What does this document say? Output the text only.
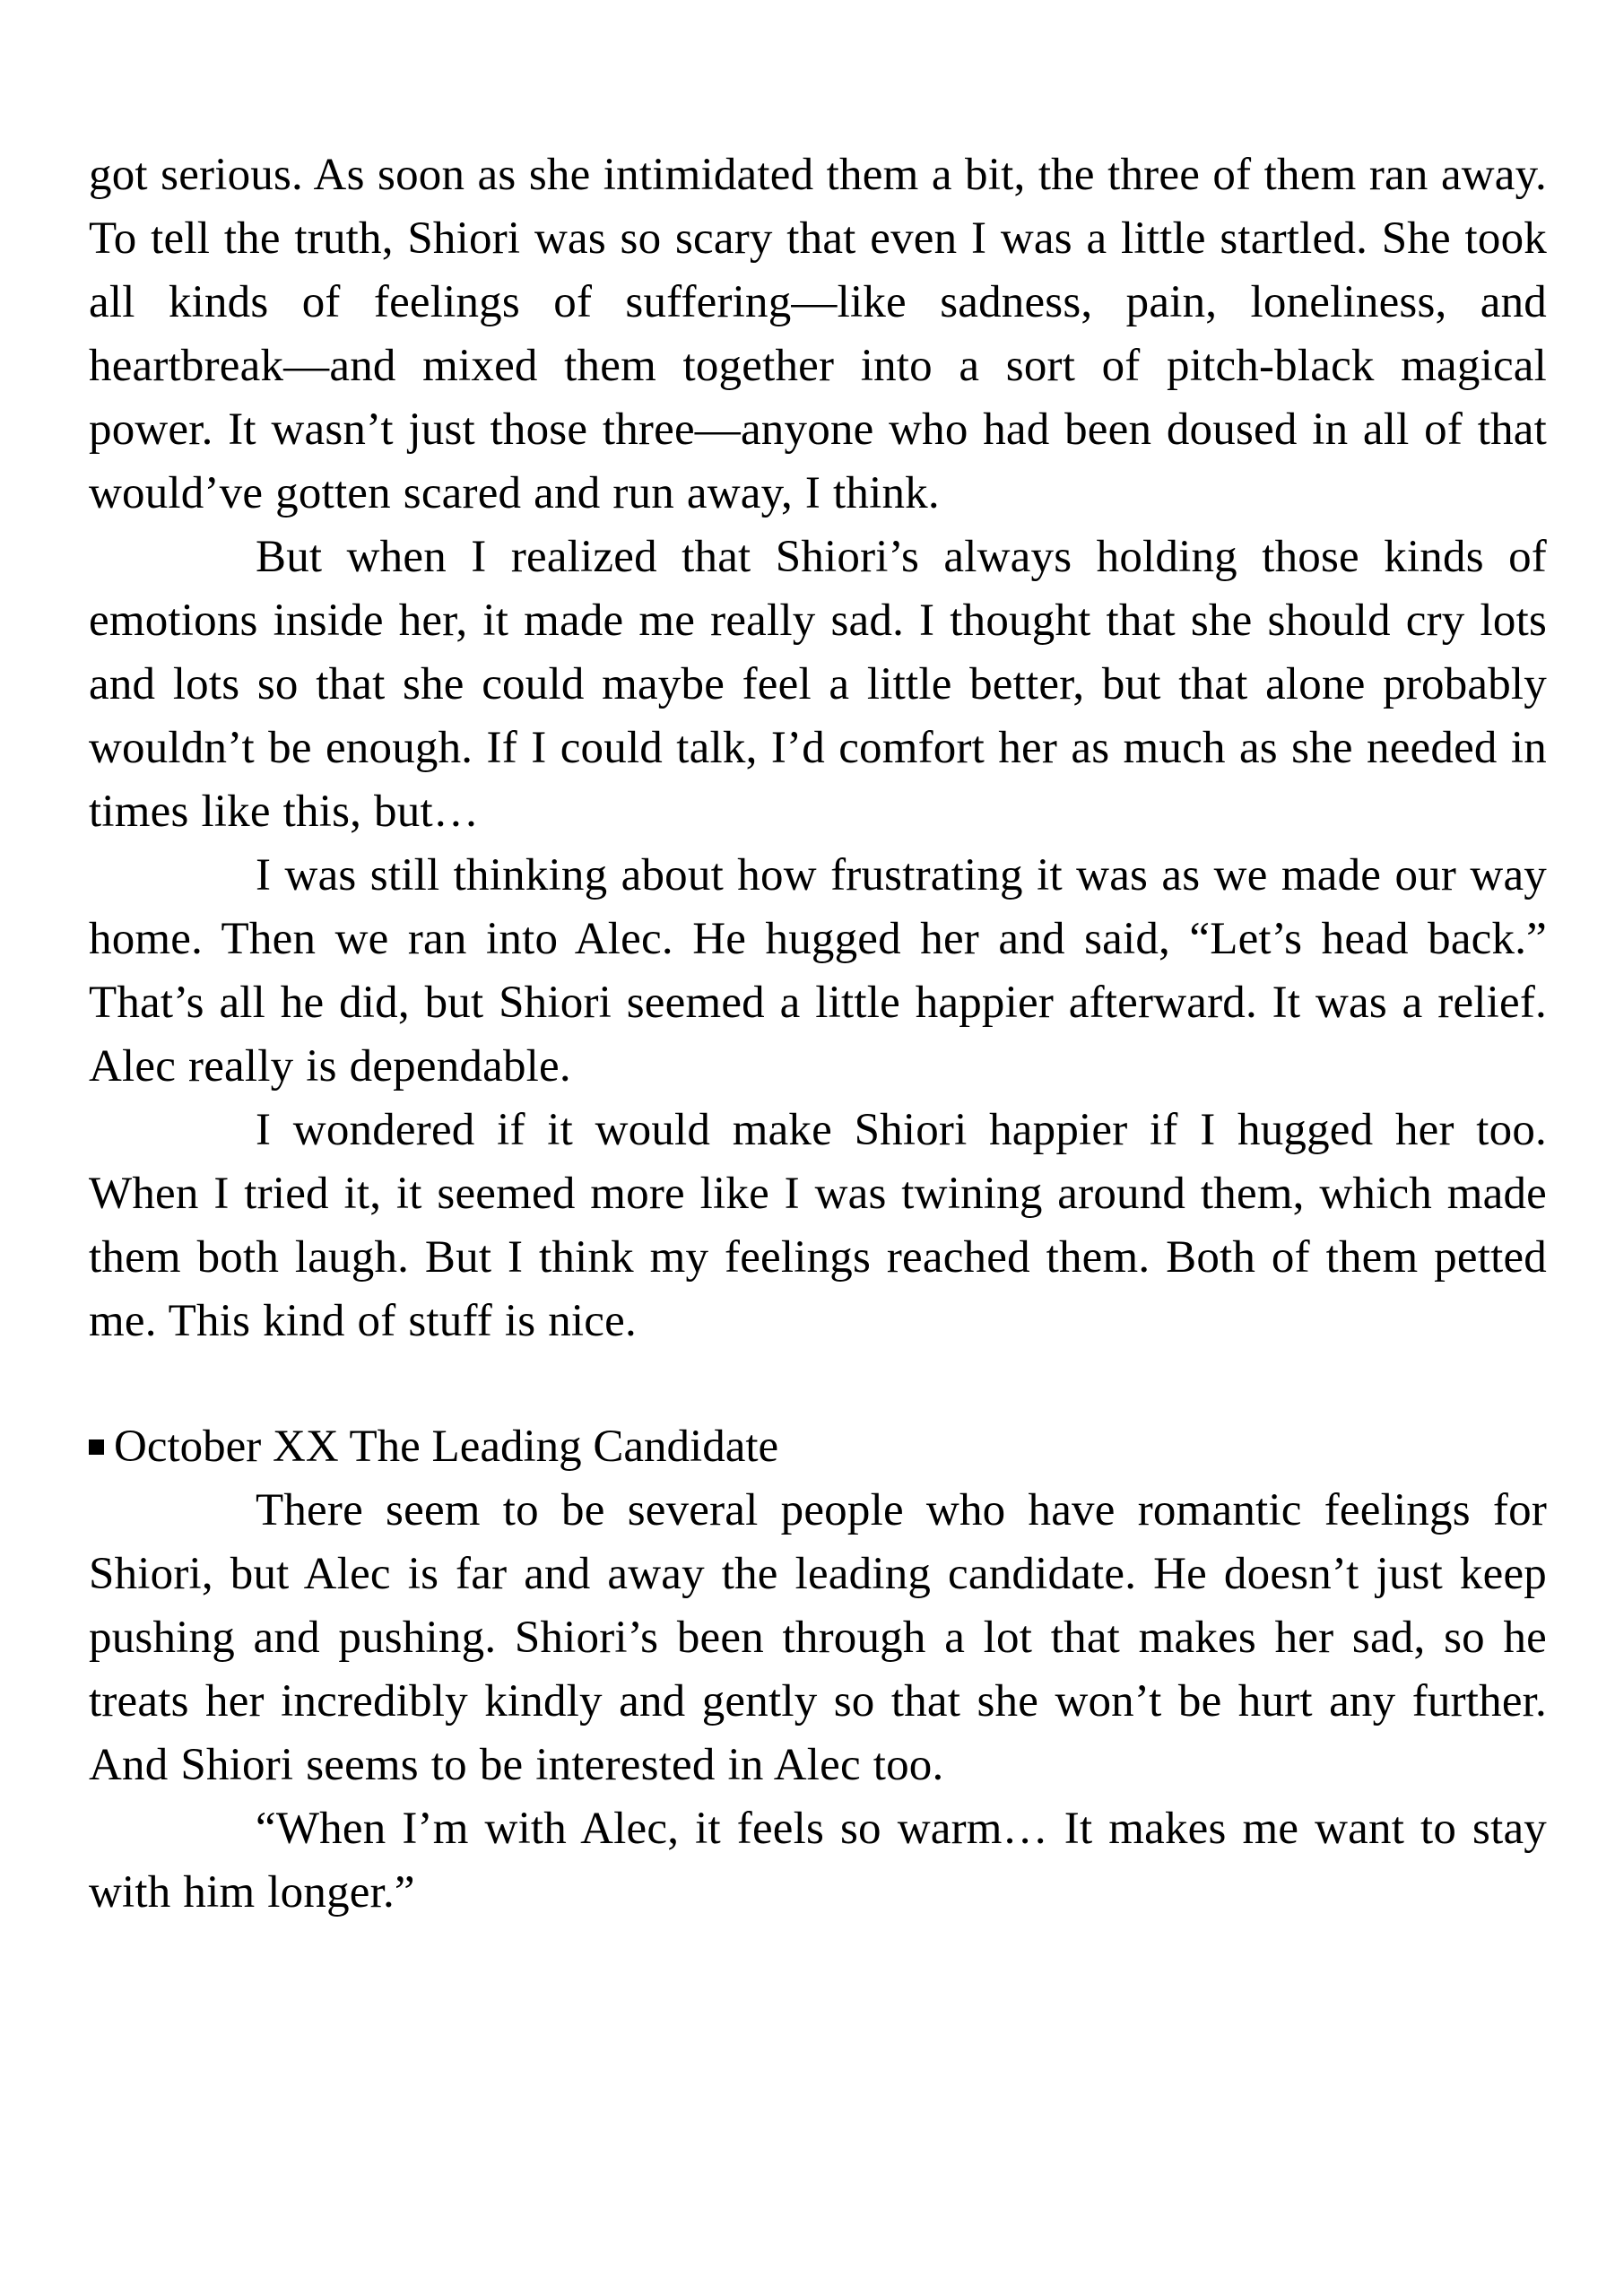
got serious. As soon as she intimidated them a bit, the three of them ran away. To tell the truth, Shiori was so scary that even I was a little startled. She took all kinds of feelings of suffering—like sadness, pain, loneliness, and heartbreak—and mixed them together into a sort of pitch-black magical power. It wasn’t just those three—anyone who had been doused in all of that would’ve gotten scared and run away, I think.

But when I realized that Shiori’s always holding those kinds of emotions inside her, it made me really sad. I thought that she should cry lots and lots so that she could maybe feel a little better, but that alone probably wouldn’t be enough. If I could talk, I’d comfort her as much as she needed in times like this, but…

I was still thinking about how frustrating it was as we made our way home. Then we ran into Alec. He hugged her and said, “Let’s head back.” That’s all he did, but Shiori seemed a little happier afterward. It was a relief. Alec really is dependable.

I wondered if it would make Shiori happier if I hugged her too. When I tried it, it seemed more like I was twining around them, which made them both laugh. But I think my feelings reached them. Both of them petted me. This kind of stuff is nice.

October XX The Leading Candidate

There seem to be several people who have romantic feelings for Shiori, but Alec is far and away the leading candidate. He doesn’t just keep pushing and pushing. Shiori’s been through a lot that makes her sad, so he treats her incredibly kindly and gently so that she won’t be hurt any further. And Shiori seems to be interested in Alec too.

“When I’m with Alec, it feels so warm… It makes me want to stay with him longer.”
